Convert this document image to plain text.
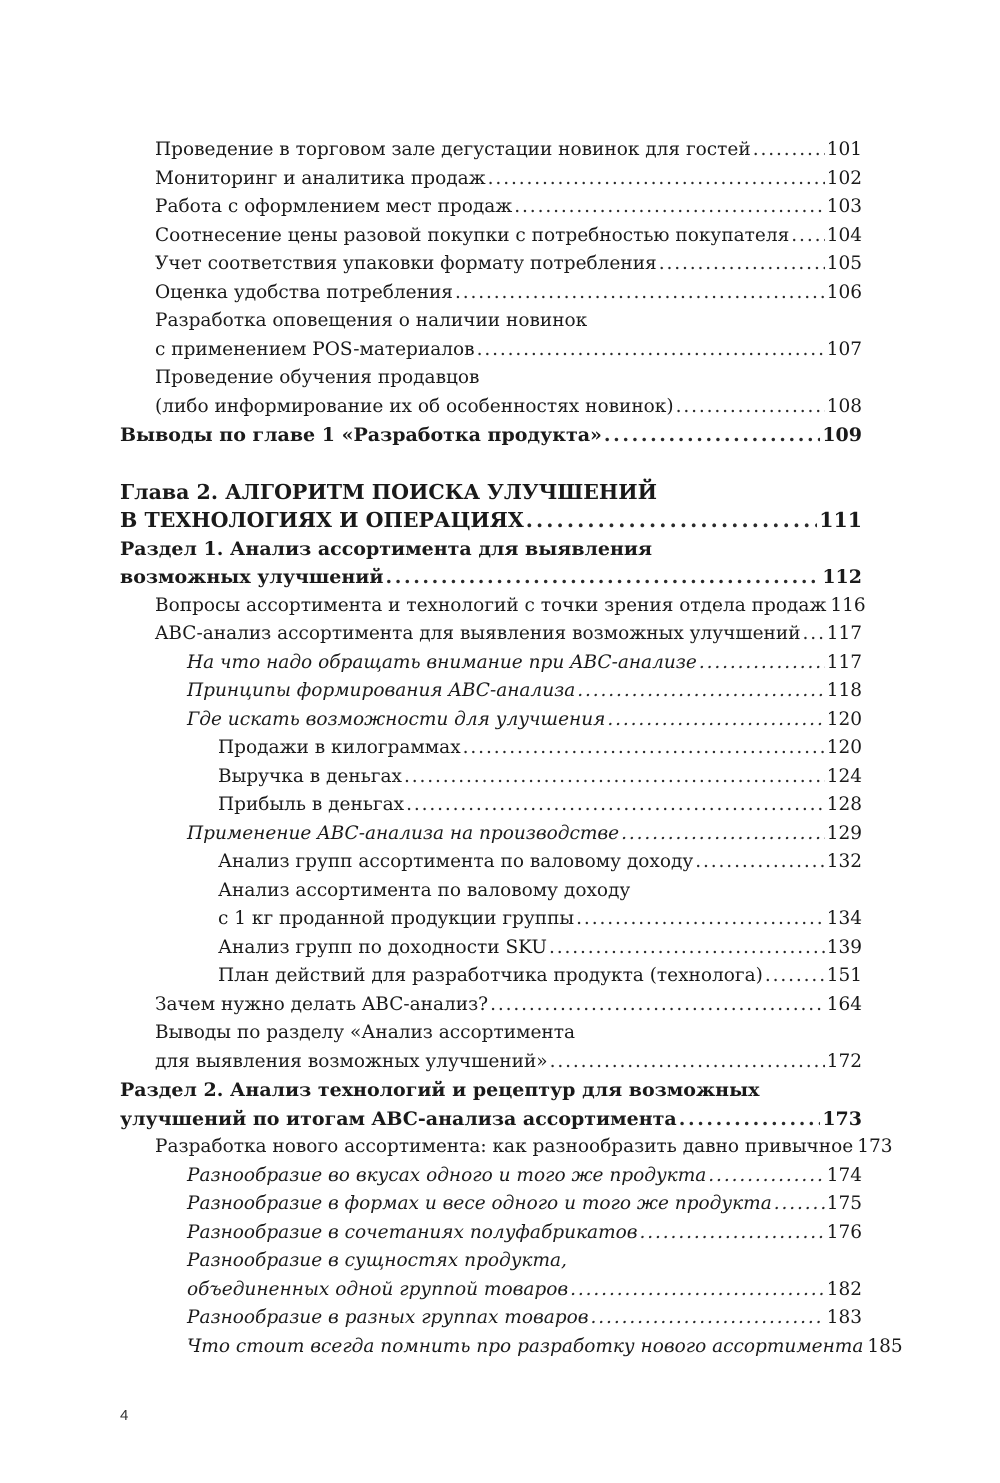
Проведение в торговом зале дегустации новинок для гостей . . .	101
Мониторинг и аналитика продаж . . .	102
Работа с оформлением мест продаж . . .	103
Соотнесение цены разовой покупки с потребностью покупателя . . . 104
Учет соответствия упаковки формату потребления . . .	105
Оценка удобства потребления . . .	106
Разработка оповещения о наличии новинок
с применением POS-материалов . . .	107
Проведение обучения продавцов
(либо информирование их об особенностях новинок) . . .	108
Выводы по главе 1 «Разработка продукта» . . .	109
Глава 2. АЛГОРИТМ ПОИСКА УЛУЧШЕНИЙ
В ТЕХНОЛОГИЯХ И ОПЕРАЦИЯХ . . .	111
Раздел 1. Анализ ассортимента для выявления
возможных улучшений . . .	112
Вопросы ассортимента и технологий с точки зрения отдела продаж 116
ABC-анализ ассортимента для выявления возможных улучшений . . . 117
На что надо обращать внимание при ABC-анализе . . .	117
Принципы формирования ABC-анализа . . .	118
Где искать возможности для улучшения . . .	120
Продажи в килограммах . . .	120
Выручка в деньгах . . .	124
Прибыль в деньгах . . .	128
Применение ABC-анализа на производстве . . .	129
Анализ групп ассортимента по валовому доходу . . .	132
Анализ ассортимента по валовому доходу
с 1 кг проданной продукции группы . . .	134
Анализ групп по доходности SKU . . .	139
План действий для разработчика продукта (технолога) . . .	151
Зачем нужно делать ABC-анализ? . . .	164
Выводы по разделу «Анализ ассортимента
для выявления возможных улучшений» . . .	172
Раздел 2. Анализ технологий и рецептур для возможных
улучшений по итогам ABC-анализа ассортимента . . .	173
Разработка нового ассортимента: как разнообразить давно привычное 173
Разнообразие во вкусах одного и того же продукта . . .	174
Разнообразие в формах и весе одного и того же продукта . . .	175
Разнообразие в сочетаниях полуфабрикатов . . .	176
Разнообразие в сущностях продукта,
объединенных одной группой товаров . . .	182
Разнообразие в разных группах товаров . . .	183
Что стоит всегда помнить про разработку нового ассортимента 185
4
